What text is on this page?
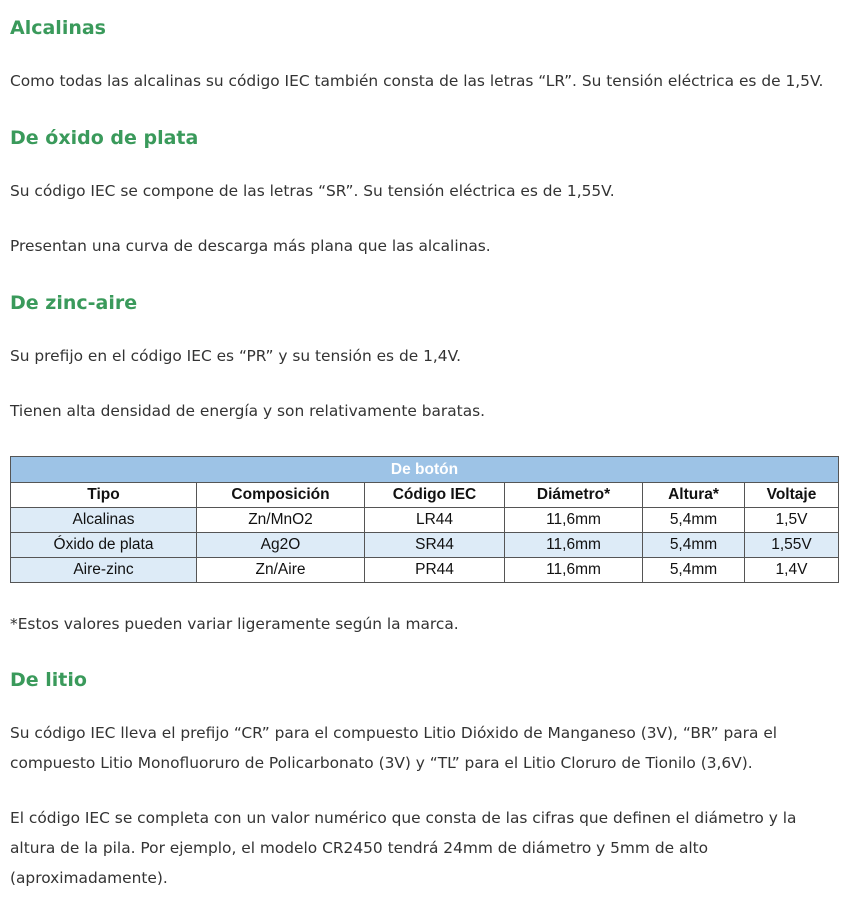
Alcalinas

Como todas las alcalinas su código IEC también consta de las letras “LR”. Su tensión eléctrica es de 1,5V.

De óxido de plata

Su código IEC se compone de las letras “SR”. Su tensión eléctrica es de 1,55V.

Presentan una curva de descarga más plana que las alcalinas.

De zinc-aire

Su prefijo en el código IEC es “PR” y su tensión es de 1,4V.

Tienen alta densidad de energía y son relativamente baratas.

De botón					
Tipo	Composición	Código IEC	Diámetro*	Altura*	Voltaje
Alcalinas	Zn/MnO2	LR44	11,6mm	5,4mm	1,5V
Óxido de plata	Ag2O	SR44	11,6mm	5,4mm	1,55V
Aire-zinc	Zn/Aire	PR44	11,6mm	5,4mm	1,4V

*Estos valores pueden variar ligeramente según la marca.

De litio

Su código IEC lleva el prefijo “CR” para el compuesto Litio Dióxido de Manganeso (3V), “BR” para el compuesto Litio Monofluoruro de Policarbonato (3V) y “TL” para el Litio Cloruro de Tionilo (3,6V).

El código IEC se completa con un valor numérico que consta de las cifras que definen el diámetro y la altura de la pila. Por ejemplo, el modelo CR2450 tendrá 24mm de diámetro y 5mm de alto (aproximadamente).
